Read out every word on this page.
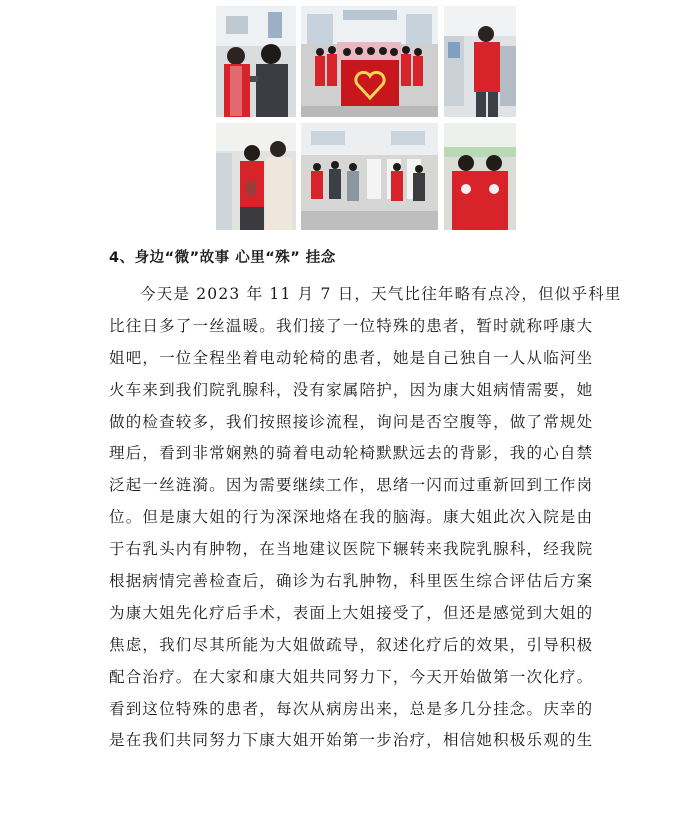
4、身边“微”故事 心里“殊” 挂念
今天是 2023 年 11 月 7 日，天气比往年略有点冷，但似乎科里
比往日多了一丝温暖。我们接了一位特殊的患者，暂时就称呼康大
姐吧，一位全程坐着电动轮椅的患者，她是自己独自一人从临河坐
火车来到我们院乳腺科，没有家属陪护，因为康大姐病情需要，她
做的检查较多，我们按照接诊流程，询问是否空腹等，做了常规处
理后，看到非常娴熟的骑着电动轮椅默默远去的背影，我的心自禁
泛起一丝涟漪。因为需要继续工作，思绪一闪而过重新回到工作岗
位。但是康大姐的行为深深地烙在我的脑海。康大姐此次入院是由
于右乳头内有肿物，在当地建议医院下辗转来我院乳腺科，经我院
根据病情完善检查后，确诊为右乳肿物，科里医生综合评估后方案
为康大姐先化疗后手术，表面上大姐接受了，但还是感觉到大姐的
焦虑，我们尽其所能为大姐做疏导，叙述化疗后的效果，引导积极
配合治疗。在大家和康大姐共同努力下，今天开始做第一次化疗。
看到这位特殊的患者，每次从病房出来，总是多几分挂念。庆幸的
是在我们共同努力下康大姐开始第一步治疗，相信她积极乐观的生
